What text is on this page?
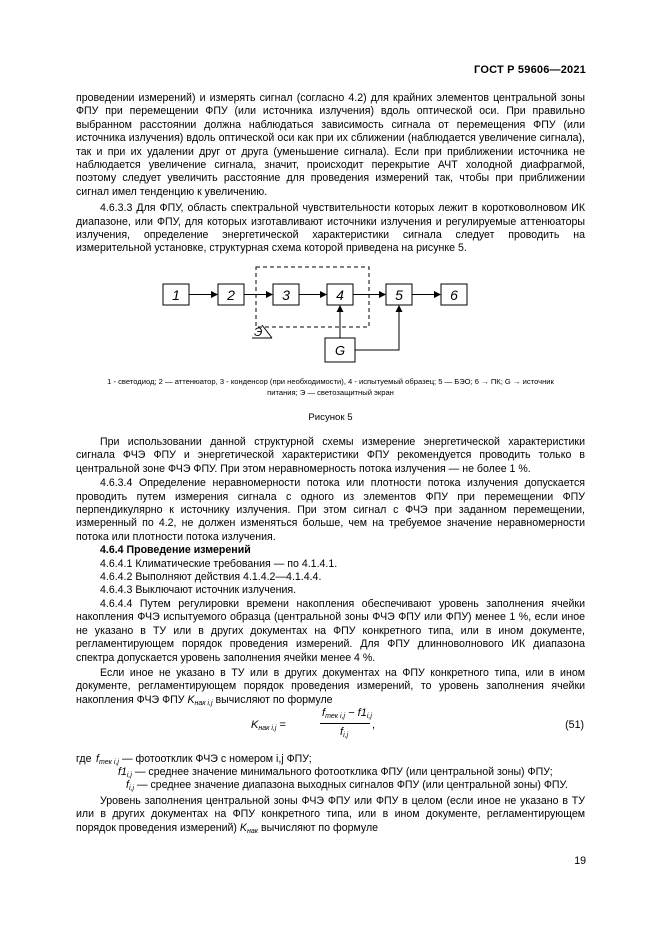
ГОСТ Р 59606—2021

проведении измерений) и измерять сигнал (согласно 4.2) для крайних элементов центральной зоны ФПУ при перемещении ФПУ (или источника излучения) вдоль оптической оси. При правильно выбранном расстоянии должна наблюдаться зависимость сигнала от перемещения ФПУ (или источника излучения) вдоль оптической оси как при их сближении (наблюдается увеличение сигнала), так и при их удалении друг от друга (уменьшение сигнала). Если при приближении источника не наблюдается увеличение сигнала, значит, происходит перекрытие АЧТ холодной диафрагмой, поэтому следует увеличить расстояние для проведения измерений так, чтобы при приближении сигнал имел тенденцию к увеличению.

4.6.3.3 Для ФПУ, область спектральной чувствительности которых лежит в коротковолновом ИК диапазоне, или ФПУ, для которых изготавливают источники излучения и регулируемые аттенюаторы излучения, определение энергетической характеристики сигнала следует проводить на измерительной установке, структурная схема которой приведена на рисунке 5.

1	2	3	4	5	6
G
Э
1 - светодиод; 2 — аттенюатор, 3 - конденсор (при необходимости), 4 - испытуемый образец; 5 — БЭО; 6 → ПК; G → источник
питания; Э — светозащитный экран
Рисунок 5

При использовании данной структурной схемы измерение энергетической характеристики сигнала ФЧЭ ФПУ и энергетической характеристики ФПУ рекомендуется проводить только в центральной зоне ФЧЭ ФПУ. При этом неравномерность потока излучения — не более 1 %.

4.6.3.4 Определение неравномерности потока или плотности потока излучения допускается проводить путем измерения сигнала с одного из элементов ФПУ при перемещении ФПУ перпендикулярно к источнику излучения. При этом сигнал с ФЧЭ при заданном перемещении, измеренный по 4.2, не должен изменяться больше, чем на требуемое значение неравномерности потока или плотности потока излучения.

4.6.4 Проведение измерений

4.6.4.1 Климатические требования — по 4.1.4.1.

4.6.4.2 Выполняют действия 4.1.4.2—4.1.4.4.

4.6.4.3 Выключают источник излучения.

4.6.4.4 Путем регулировки времени накопления обеспечивают уровень заполнения ячейки накопления ФЧЭ испытуемого образца (центральной зоны ФЧЭ ФПУ или ФПУ) менее 1 %, если иное не указано в ТУ или в других документах на ФПУ конкретного типа, или в ином документе, регламентирующем порядок проведения измерений. Для ФПУ длинноволнового ИК диапазона спектра допускается уровень заполнения ячейки менее 4 %.

Если иное не указано в ТУ или в других документах на ФПУ конкретного типа, или в ином документе, регламентирующем порядок проведения измерений, то уровень заполнения ячейки накопления ФЧЭ ФПУ $K_{нак i,j}$ вычисляют по формуле

$K_{нак i,j}$ =
$f_{тек i,j} - f1_{i,j}$
$f_{i,j}$
,	(51)
где $f_{тек i,j}$ — фотоотклик ФЧЭ с номером i,j ФПУ;
$f1_{i,j}$ — среднее значение минимального фотоотклика ФПУ (или центральной зоны) ФПУ;
$f_{i,j}$ — среднее значение диапазона выходных сигналов ФПУ (или центральной зоны) ФПУ.

Уровень заполнения центральной зоны ФЧЭ ФПУ или ФПУ в целом (если иное не указано в ТУ или в других документах на ФПУ конкретного типа, или в ином документе, регламентирующем порядок проведения измерений) $K_{нак}$ вычисляют по формуле

19
